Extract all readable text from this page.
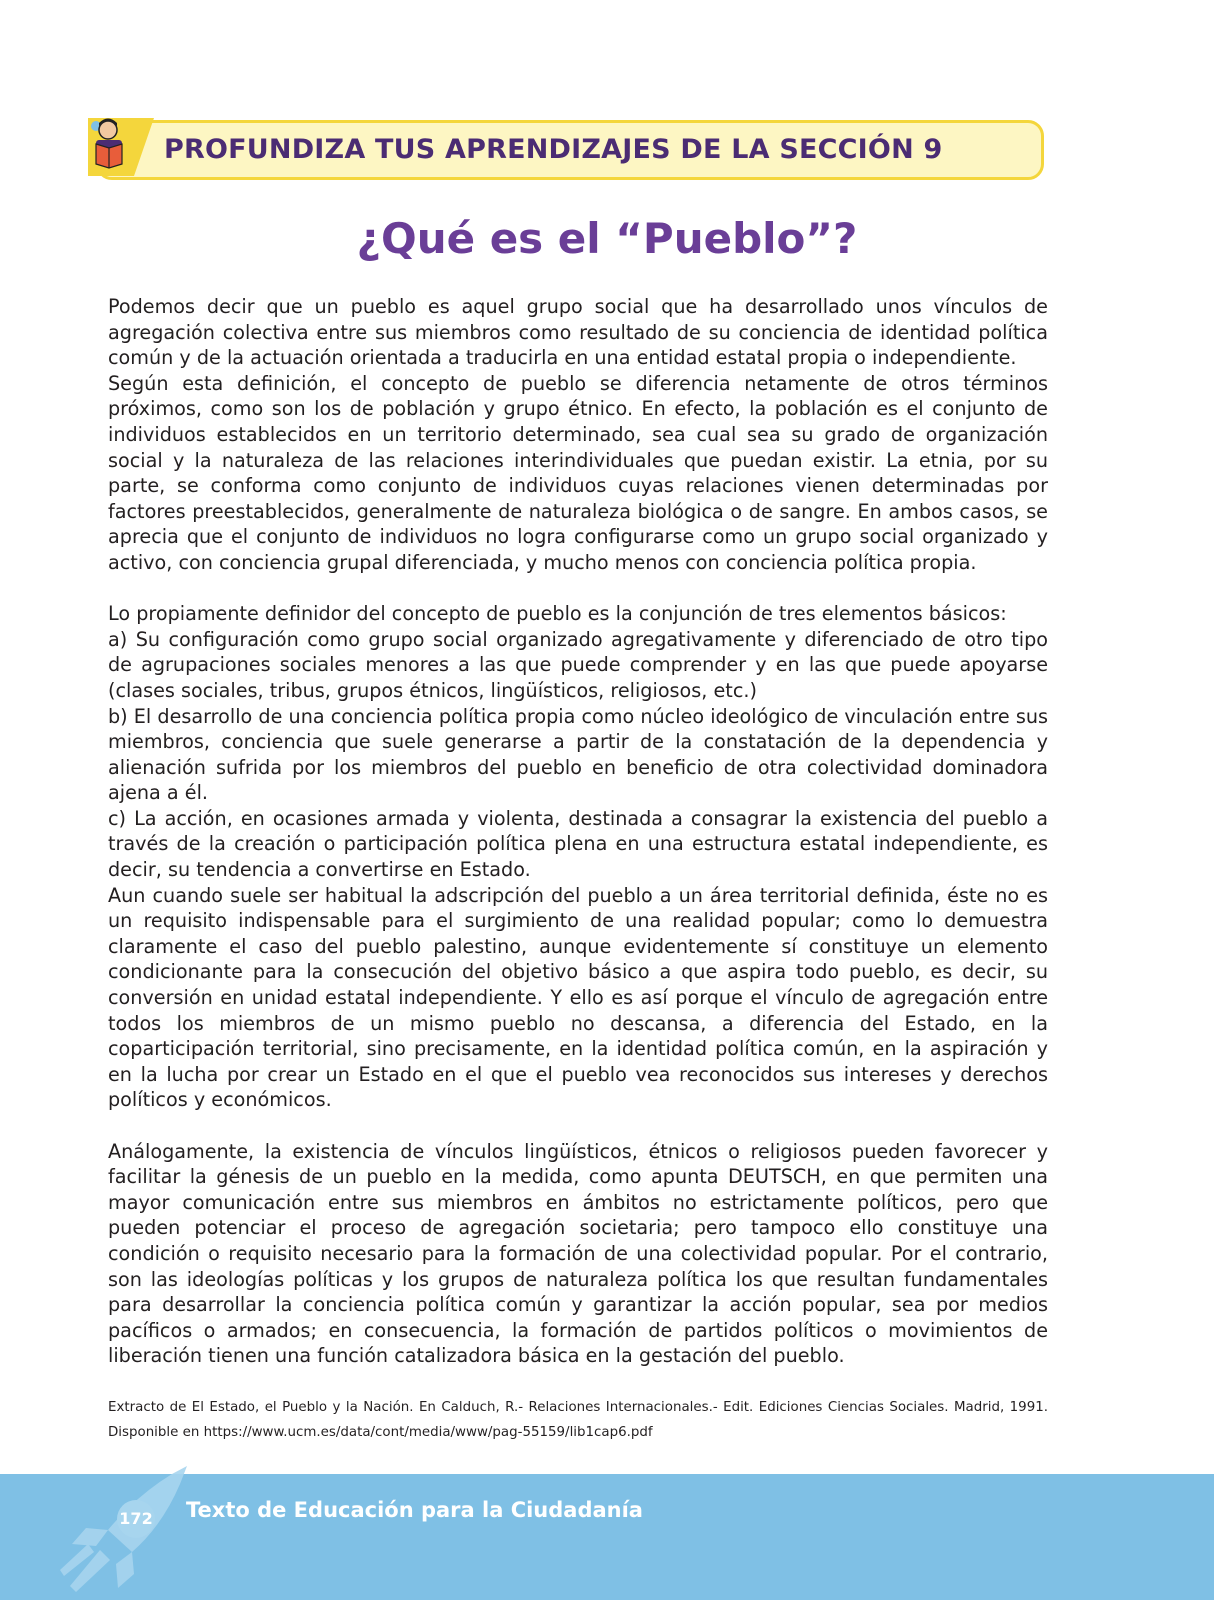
PROFUNDIZA TUS APRENDIZAJES DE LA SECCIÓN 9
¿Qué es el “Pueblo”?

Podemos decir que un pueblo es aquel grupo social que ha desarrollado unos vínculos de agregación colectiva entre sus miembros como resultado de su conciencia de identidad política común y de la actuación orientada a traducirla en una entidad estatal propia o independiente.

Según esta definición, el concepto de pueblo se diferencia netamente de otros términos próximos, como son los de población y grupo étnico. En efecto, la población es el conjunto de individuos establecidos en un territorio determinado, sea cual sea su grado de organización social y la naturaleza de las relaciones interindividuales que puedan existir. La etnia, por su parte, se conforma como conjunto de individuos cuyas relaciones vienen determinadas por factores preestablecidos, generalmente de naturaleza biológica o de sangre. En ambos casos, se aprecia que el conjunto de individuos no logra configurarse como un grupo social organizado y activo, con conciencia grupal diferenciada, y mucho menos con conciencia política propia.

Lo propiamente definidor del concepto de pueblo es la conjunción de tres elementos básicos:

a) Su configuración como grupo social organizado agregativamente y diferenciado de otro tipo de agrupaciones sociales menores a las que puede comprender y en las que puede apoyarse (clases sociales, tribus, grupos étnicos, lingüísticos, religiosos, etc.)

b) El desarrollo de una conciencia política propia como núcleo ideológico de vinculación entre sus miembros, conciencia que suele generarse a partir de la constatación de la dependencia y alienación sufrida por los miembros del pueblo en beneficio de otra colectividad dominadora ajena a él.

c) La acción, en ocasiones armada y violenta, destinada a consagrar la existencia del pueblo a través de la creación o participación política plena en una estructura estatal independiente, es decir, su tendencia a convertirse en Estado.

Aun cuando suele ser habitual la adscripción del pueblo a un área territorial definida, éste no es un requisito indispensable para el surgimiento de una realidad popular; como lo demuestra claramente el caso del pueblo palestino, aunque evidentemente sí constituye un elemento condicionante para la consecución del objetivo básico a que aspira todo pueblo, es decir, su conversión en unidad estatal independiente. Y ello es así porque el vínculo de agregación entre todos los miembros de un mismo pueblo no descansa, a diferencia del Estado, en la coparticipación territorial, sino precisamente, en la identidad política común, en la aspiración y en la lucha por crear un Estado en el que el pueblo vea reconocidos sus intereses y derechos políticos y económicos.

Análogamente, la existencia de vínculos lingüísticos, étnicos o religiosos pueden favorecer y facilitar la génesis de un pueblo en la medida, como apunta DEUTSCH, en que permiten una mayor comunicación entre sus miembros en ámbitos no estrictamente políticos, pero que pueden potenciar el proceso de agregación societaria; pero tampoco ello constituye una condición o requisito necesario para la formación de una colectividad popular. Por el contrario, son las ideologías políticas y los grupos de naturaleza política los que resultan fundamentales para desarrollar la conciencia política común y garantizar la acción popular, sea por medios pacíficos o armados; en consecuencia, la formación de partidos políticos o movimientos de liberación tienen una función catalizadora básica en la gestación del pueblo.

Extracto de El Estado, el Pueblo y la Nación. En Calduch, R.- Relaciones Internacionales.- Edit. Ediciones Ciencias Sociales. Madrid, 1991. Disponible en https://www.ucm.es/data/cont/media/www/pag-55159/lib1cap6.pdf
172 Texto de Educación para la Ciudadanía
